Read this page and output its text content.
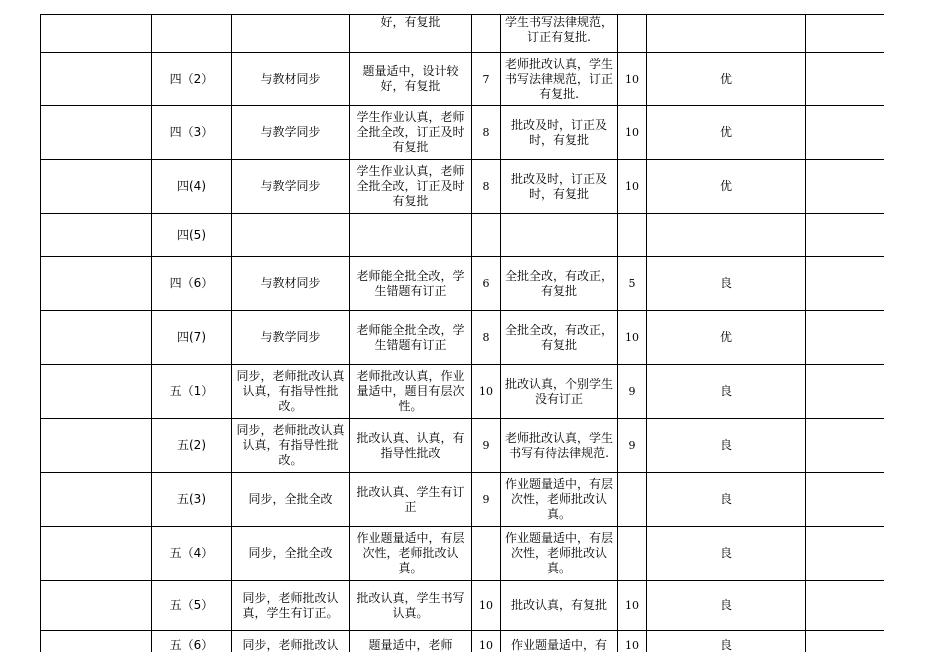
			好，有复批		学生书写法律规范，订正有复批.			
	四（2）	与教材同步	题量适中，设计较好，有复批	7	老师批改认真，学生书写法律规范，订正有复批.	10	优	
	四（3）	与教学同步	学生作业认真，老师全批全改，订正及时有复批	8	批改及时，订正及时，有复批	10	优	
	四(4)	与教学同步	学生作业认真，老师全批全改，订正及时有复批	8	批改及时，订正及时，有复批	10	优	
	四(5)							
	四（6）	与教材同步	老师能全批全改，学生错题有订正	6	全批全改，有改正，有复批	5	良	
	四(7)	与教学同步	老师能全批全改，学生错题有订正	8	全批全改，有改正，有复批	10	优	
	五（1）	同步，老师批改认真认真，有指导性批改。	老师批改认真，作业量适中，题目有层次性。	10	批改认真，个别学生没有订正	9	良	
	五(2)	同步，老师批改认真认真，有指导性批改。	批改认真、认真，有指导性批改	9	老师批改认真，学生书写有待法律规范.	9	良	
	五(3)	同步，全批全改	批改认真、学生有订正	9	作业题量适中，有层次性，老师批改认真。		良	
	五（4）	同步，全批全改	作业题量适中，有层次性，老师批改认真。		作业题量适中，有层次性，老师批改认真。		良	
	五（5）	同步，老师批改认真，学生有订正。	批改认真，学生书写认真。	10	批改认真，有复批	10	良	
	五（6）	同步，老师批改认	题量适中，老师	10	作业题量适中，有	10	良	
